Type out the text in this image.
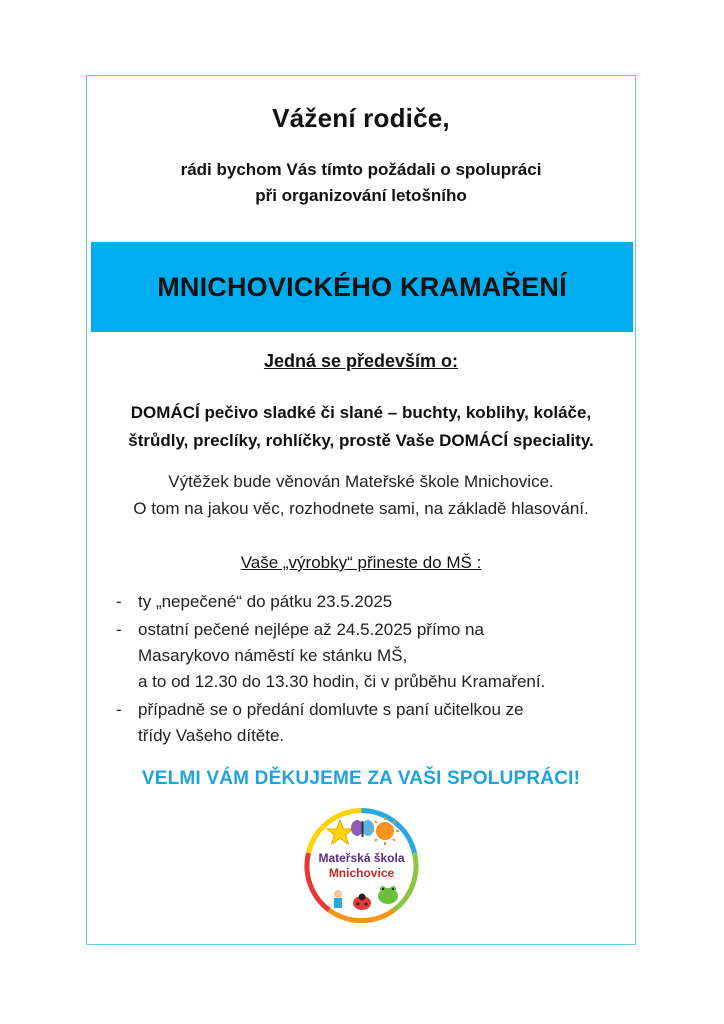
Vážení rodiče,
rádi bychom Vás tímto požádali o spolupráci
při organizování letošního
MNICHOVICKÉHO KRAMAŘENÍ
Jedná se především o:
DOMÁCÍ pečivo sladké či slané – buchty, koblihy, koláče,
štrůdly, preclíky, rohlíčky, prostě Vaše DOMÁCÍ speciality.
Výtěžek bude věnován Mateřské škole Mnichovice.
O tom na jakou věc, rozhodnete sami, na základě hlasování.
Vaše „výrobky“ přineste do MŠ :
- ty „nepečené“ do pátku 23.5.2025
- ostatní pečené nejlépe až 24.5.2025 přímo na
Masarykovo náměstí ke stánku MŠ,
a to od 12.30 do 13.30 hodin, či v průběhu Kramaření.
- případně se o předání domluvte s paní učitelkou ze
třídy Vašeho dítěte.
VELMI VÁM DĚKUJEME ZA VAŠI SPOLUPRÁCI!
Mateřská škola
Mnichovice
